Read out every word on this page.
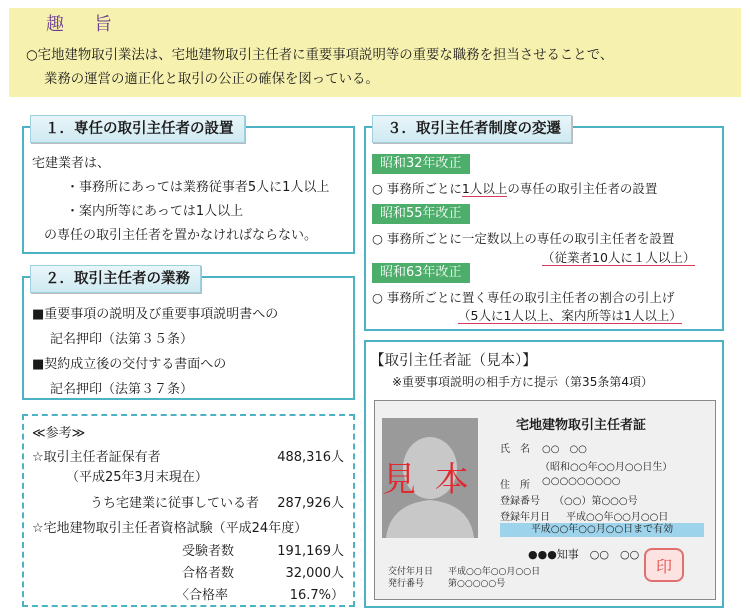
趣　旨
○宅地建物取引業法は、宅地建物取引主任者に重要事項説明等の重要な職務を担当させることで、
業務の運営の適正化と取引の公正の確保を図っている。
１．専任の取引主任者の設置
宅建業者は、
・事務所にあっては業務従事者5人に1人以上
・案内所等にあっては1人以上
の専任の取引主任者を置かなければならない。
２．取引主任者の業務
■重要事項の説明及び重要事項説明書への
記名押印（法第３５条）
■契約成立後の交付する書面への
記名押印（法第３７条）
≪参考≫
☆取引主任者証保有者	488,316人
（平成25年3月末現在）
うち宅建業に従事している者	287,926人
☆宅地建物取引主任者資格試験（平成24年度）
受験者数	191,169人
合格者数	32,000人
〈合格率	16.7%）
３．取引主任者制度の変遷
昭和32年改正
○ 事務所ごとに1人以上の専任の取引主任者の設置
昭和55年改正
○ 事務所ごとに一定数以上の専任の取引主任者を設置
（従業者10人に１人以上）
昭和63年改正
○ 事務所ごとに置く専任の取引主任者の割合の引上げ
（5人に1人以上、案内所等は1人以上）
【取引主任者証（見本）】
※重要事項説明の相手方に提示（第35条第4項）
見 本
宅地建物取引主任者証
氏　名 ○○　○○
（昭和○○年○○月○○日生）
住　所 ○○○○○○○○○
登録番号 （○○）第○○○号
登録年月日 平成○○年○○月○○日
平成○○年○○月○○日まで有効
●●●知事　○○　○○
交付年月日 平成○○年○○月○○日
発行番号	第○○○○○号
印
